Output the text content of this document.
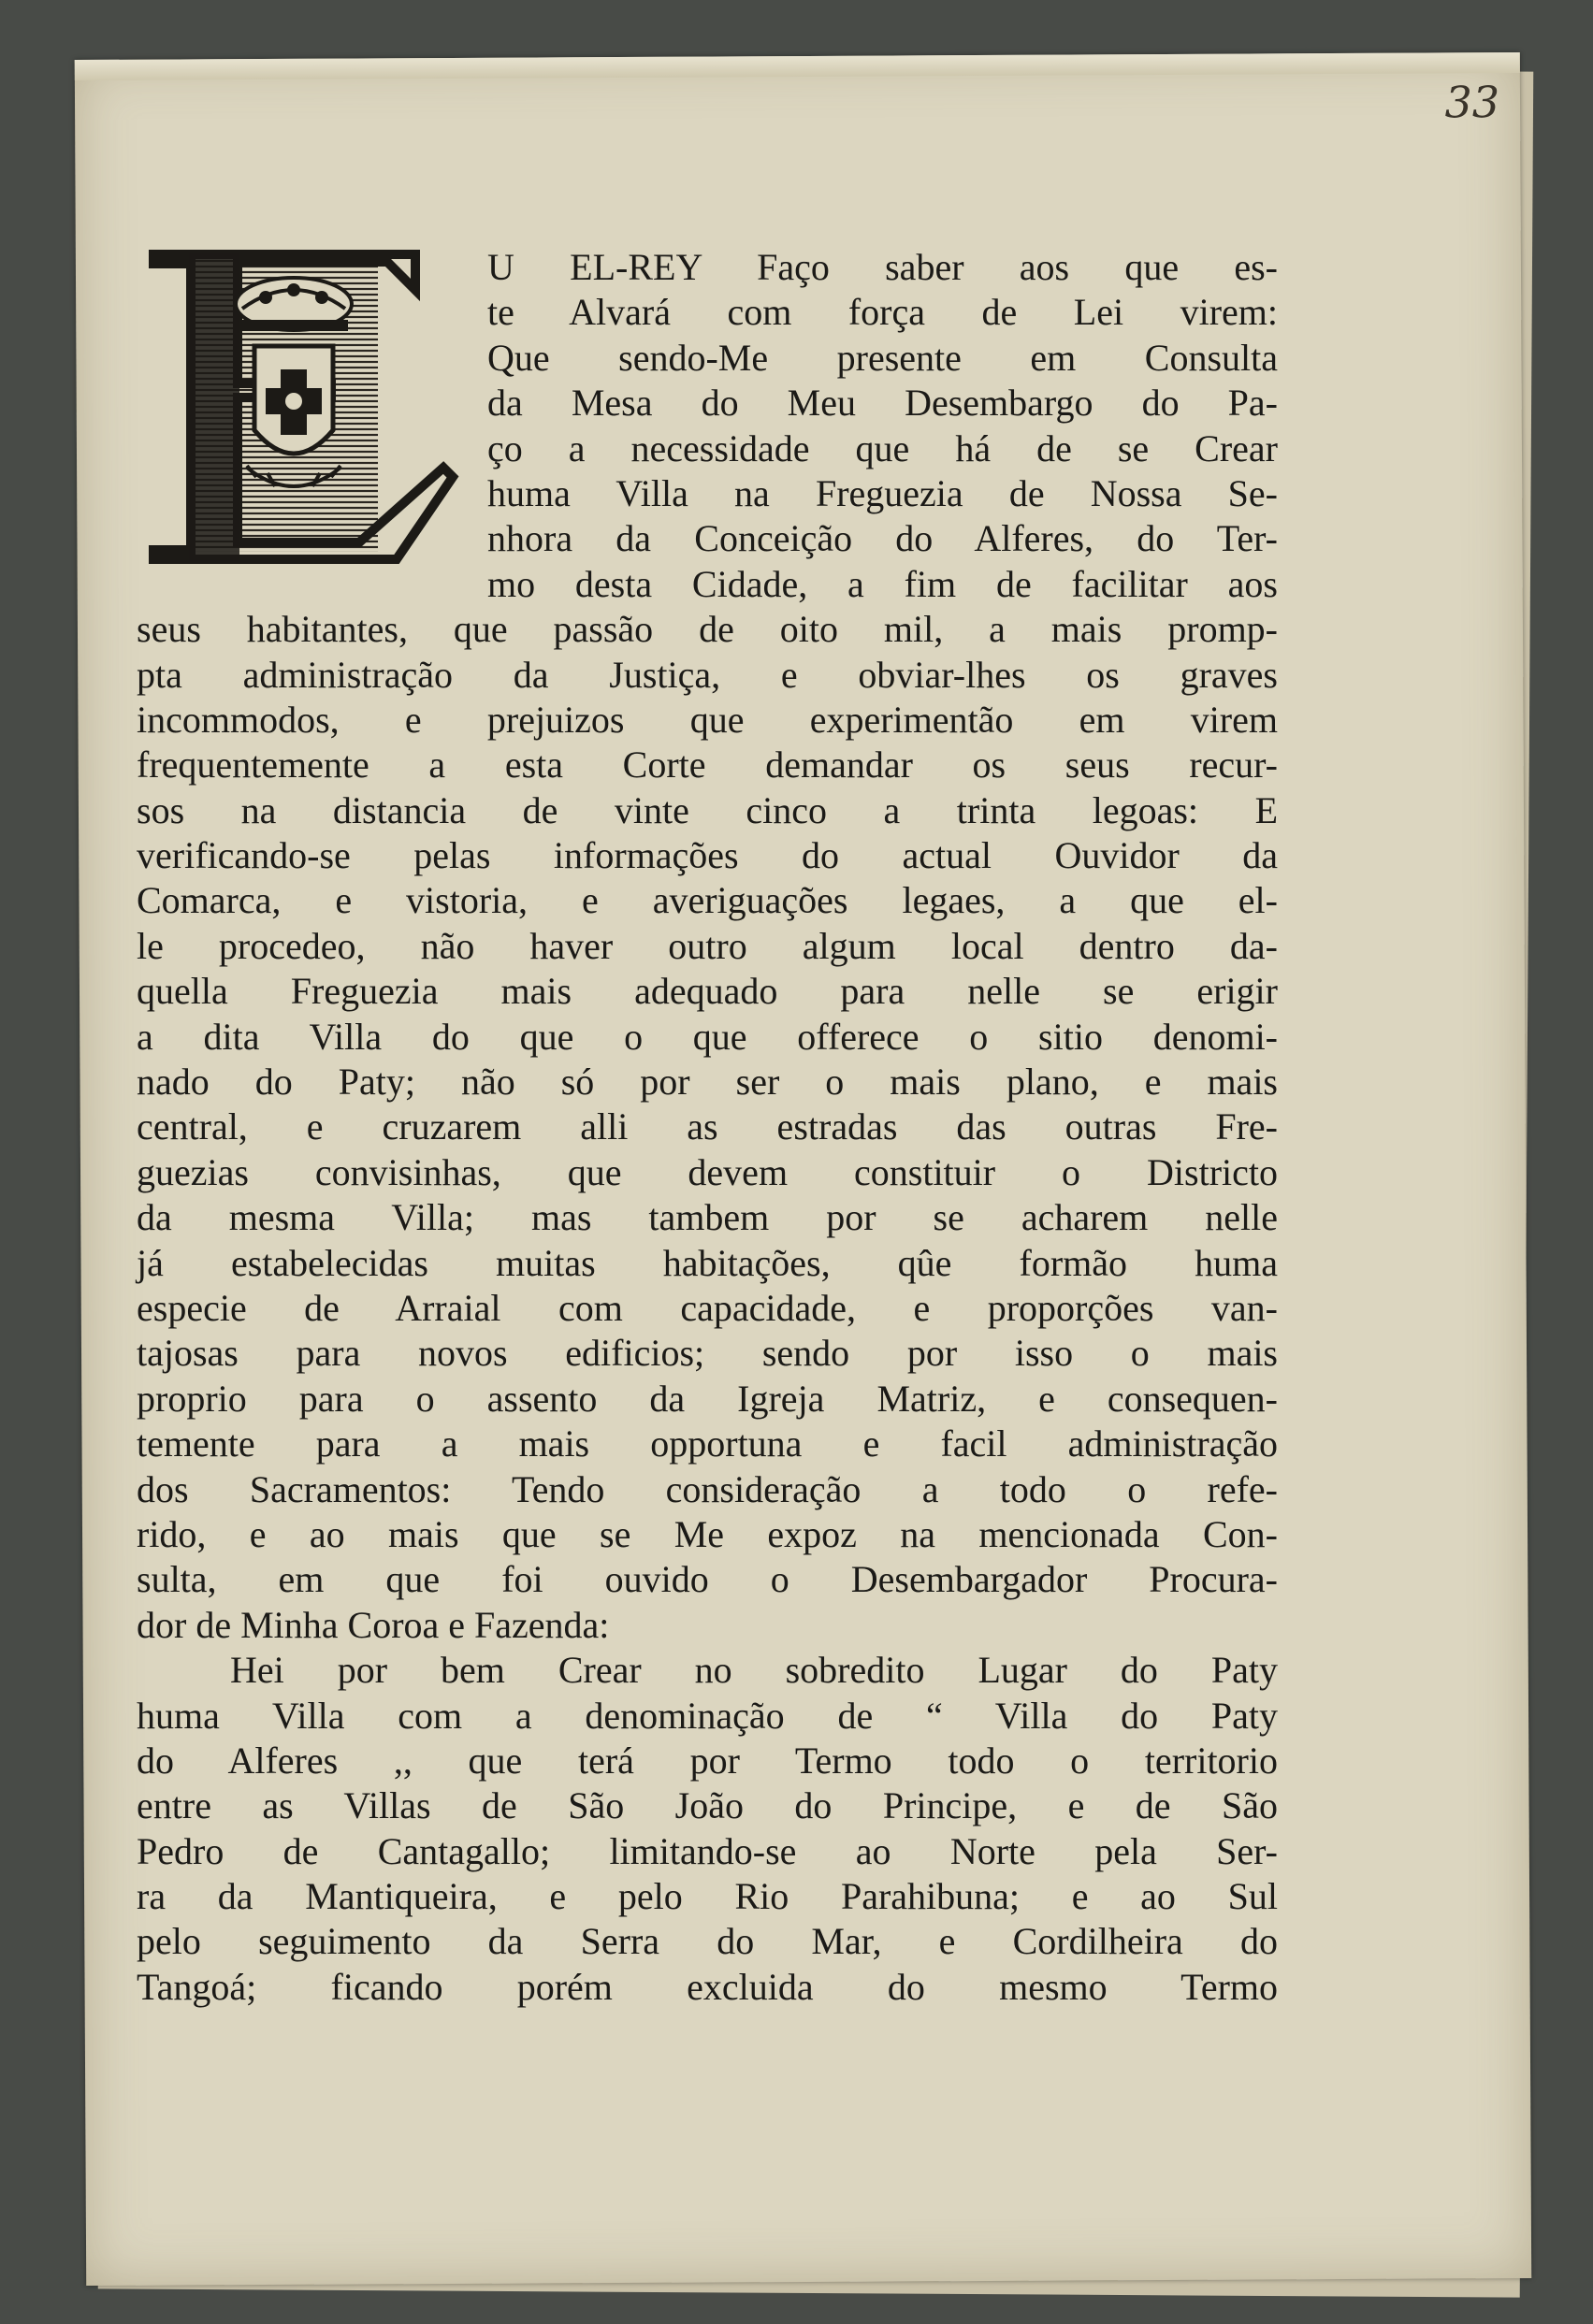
33
U EL-REY Faço saber aos que es-
te Alvará com força de Lei virem:
Que sendo-Me presente em Consulta
da Mesa do Meu Desembargo do Pa-
ço a necessidade que há de se Crear
huma Villa na Freguezia de Nossa Se-
nhora da Conceição do Alferes, do Ter-
mo desta Cidade, a fim de facilitar aos
seus habitantes, que passão de oito mil, a mais promp-
pta administração da Justiça, e obviar-lhes os graves
incommodos, e prejuizos que experimentão em virem
frequentemente a esta Corte demandar os seus recur-
sos na distancia de vinte cinco a trinta legoas: E
verificando-se pelas informações do actual Ouvidor da
Comarca, e vistoria, e averiguações legaes, a que el-
le procedeo, não haver outro algum local dentro da-
quella Freguezia mais adequado para nelle se erigir
a dita Villa do que o que offerece o sitio denomi-
nado do Paty; não só por ser o mais plano, e mais
central, e cruzarem alli as estradas das outras Fre-
guezias convisinhas, que devem constituir o Districto
da mesma Villa; mas tambem por se acharem nelle
já estabelecidas muitas habitações, qûe formão huma
especie de Arraial com capacidade, e proporções van-
tajosas para novos edificios; sendo por isso o mais
proprio para o assento da Igreja Matriz, e consequen-
temente para a mais opportuna e facil administração
dos Sacramentos: Tendo consideração a todo o refe-
rido, e ao mais que se Me expoz na mencionada Con-
sulta, em que foi ouvido o Desembargador Procura-
dor de Minha Coroa e Fazenda:
Hei por bem Crear no sobredito Lugar do Paty
huma Villa com a denominação de “ Villa do Paty
do Alferes ,, que terá por Termo todo o territorio
entre as Villas de São João do Principe, e de São
Pedro de Cantagallo; limitando-se ao Norte pela Ser-
ra da Mantiqueira, e pelo Rio Parahibuna; e ao Sul
pelo seguimento da Serra do Mar, e Cordilheira do
Tangoá; ficando porém excluida do mesmo Termo
